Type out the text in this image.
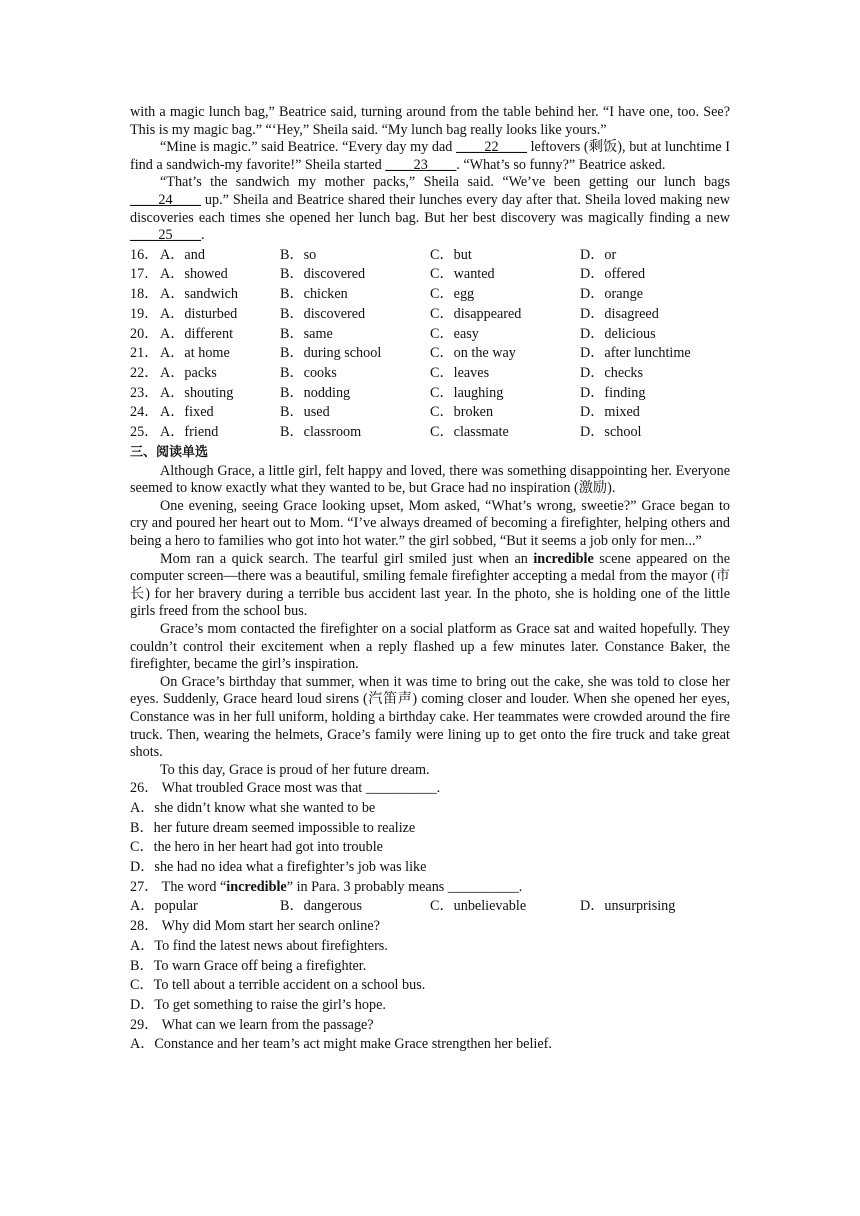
with a magic lunch bag,” Beatrice said, turning around from the table behind her. “I have one, too. See? This is my magic bag.” “‘Hey,” Sheila said. “My lunch bag really looks like yours.”

“Mine is magic.” said Beatrice. “Every day my dad ____22____ leftovers (剩饭), but at lunchtime I find a sandwich-my favorite!” Sheila started ____23____. “What’s so funny?” Beatrice asked.

“That’s the sandwich my mother packs,” Sheila said. “We’ve been getting our lunch bags ____24____ up.” Sheila and Beatrice shared their lunches every day after that. Sheila loved making new discoveries each times she opened her lunch bag. But her best discovery was magically finding a new ____25____.

16． A．and	B．so	C．but	D．or
17． A．showed	B．discovered	C．wanted	D．offered
18． A．sandwich	B．chicken	C．egg	D．orange
19． A．disturbed	B．discovered	C．disappeared	D．disagreed
20． A．different	B．same	C．easy	D．delicious
21． A．at home	B．during school	C．on the way	D．after lunchtime
22． A．packs	B．cooks	C．leaves	D．checks
23． A．shouting	B．nodding	C．laughing	D．finding
24． A．fixed	B．used	C．broken	D．mixed
25． A．friend	B．classroom	C．classmate	D．school

三、阅读单选

Although Grace, a little girl, felt happy and loved, there was something disappointing her. Everyone seemed to know exactly what they wanted to be, but Grace had no inspiration (激励).

One evening, seeing Grace looking upset, Mom asked, “What’s wrong, sweetie?” Grace began to cry and poured her heart out to Mom. “I’ve always dreamed of becoming a firefighter, helping others and being a hero to families who got into hot water.” the girl sobbed, “But it seems a job only for men...”

Mom ran a quick search. The tearful girl smiled just when an incredible scene appeared on the computer screen—there was a beautiful, smiling female firefighter accepting a medal from the mayor (市长) for her bravery during a terrible bus accident last year. In the photo, she is holding one of the little girls freed from the school bus.

Grace’s mom contacted the firefighter on a social platform as Grace sat and waited hopefully. They couldn’t control their excitement when a reply flashed up a few minutes later. Constance Baker, the firefighter, became the girl’s inspiration.

On Grace’s birthday that summer, when it was time to bring out the cake, she was told to close her eyes. Suddenly, Grace heard loud sirens (汽笛声) coming closer and louder. When she opened her eyes, Constance was in her full uniform, holding a birthday cake. Her teammates were crowded around the fire truck. Then, wearing the helmets, Grace’s family were lining up to get onto the fire truck and take great shots.

To this day, Grace is proud of her future dream.

26． What troubled Grace most was that __________.

A．she didn’t know what she wanted to be

B．her future dream seemed impossible to realize

C．the hero in her heart had got into trouble

D．she had no idea what a firefighter’s job was like

27． The word “incredible” in Para. 3 probably means __________.

A．popular	B．dangerous	C．unbelievable	D．unsurprising

28． Why did Mom start her search online?

A．To find the latest news about firefighters.

B．To warn Grace off being a firefighter.

C．To tell about a terrible accident on a school bus.

D．To get something to raise the girl’s hope.

29． What can we learn from the passage?

A．Constance and her team’s act might make Grace strengthen her belief.
